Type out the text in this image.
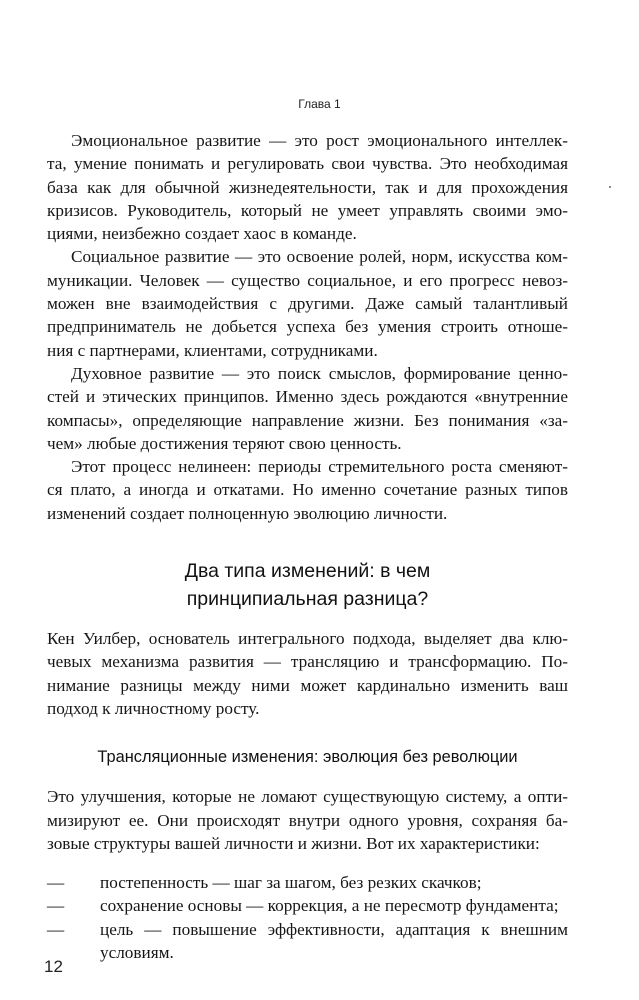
Глава 1
Эмоциональное развитие — это рост эмоционального интеллек-
та, умение понимать и регулировать свои чувства. Это необходимая
база как для обычной жизнедеятельности, так и для прохождения
кризисов. Руководитель, который не умеет управлять своими эмо-
циями, неизбежно создает хаос в команде.
Социальное развитие — это освоение ролей, норм, искусства ком-
муникации. Человек — существо социальное, и его прогресс невоз-
можен вне взаимодействия с другими. Даже самый талантливый
предприниматель не добьется успеха без умения строить отноше-
ния с партнерами, клиентами, сотрудниками.
Духовное развитие — это поиск смыслов, формирование ценно-
стей и этических принципов. Именно здесь рождаются «внутренние
компасы», определяющие направление жизни. Без понимания «за-
чем» любые достижения теряют свою ценность.
Этот процесс нелинеен: периоды стремительного роста сменяют-
ся плато, а иногда и откатами. Но именно сочетание разных типов
изменений создает полноценную эволюцию личности.
Два типа изменений: в чем
принципиальная разница?
Кен Уилбер, основатель интегрального подхода, выделяет два клю-
чевых механизма развития — трансляцию и трансформацию. По-
нимание разницы между ними может кардинально изменить ваш
подход к личностному росту.
Трансляционные изменения: эволюция без революции
Это улучшения, которые не ломают существующую систему, а опти-
мизируют ее. Они происходят внутри одного уровня, сохраняя ба-
зовые структуры вашей личности и жизни. Вот их характеристики:
— постепенность — шаг за шагом, без резких скачков;
— сохранение основы — коррекция, а не пересмотр фундамента;
— цель — повышение эффективности, адаптация к внешним
условиям.
12
